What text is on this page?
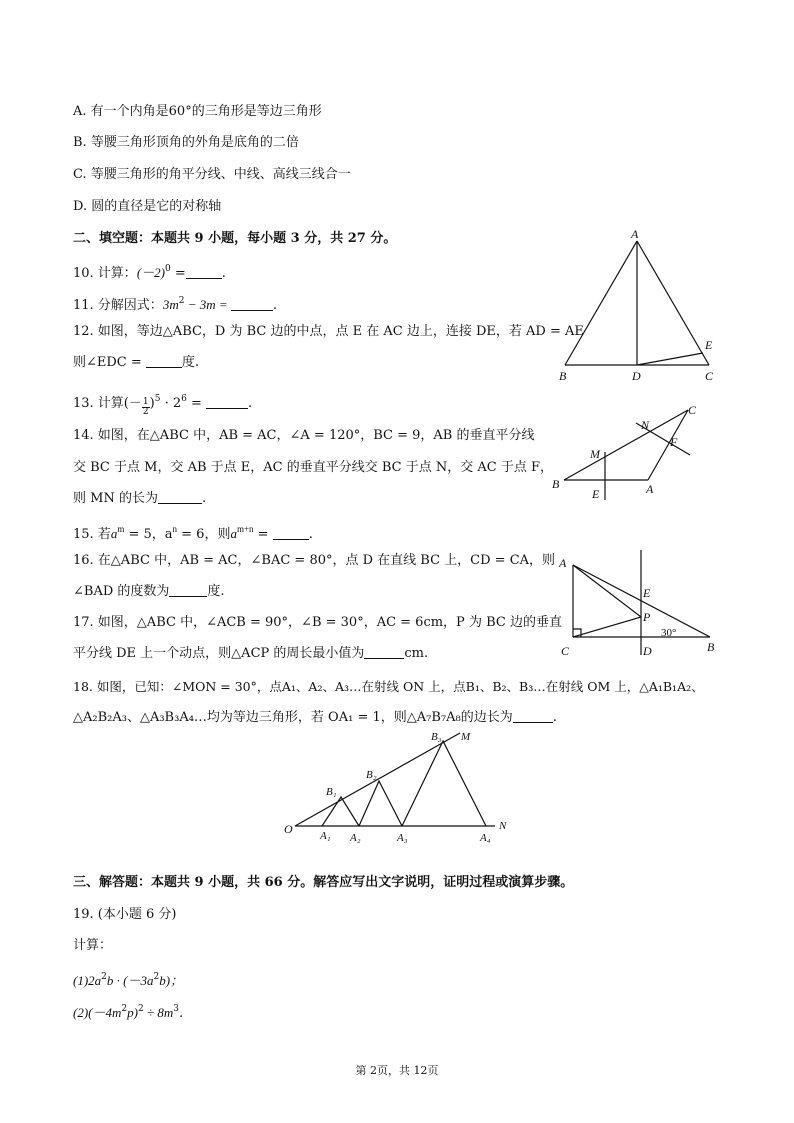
A. 有一个内角是60°的三角形是等边三角形
B. 等腰三角形顶角的外角是底角的二倍
C. 等腰三角形的角平分线、中线、高线三线合一
D. 圆的直径是它的对称轴
二、填空题：本题共 9 小题，每小题 3 分，共 27 分。
10. 计算：$(-2)^0$ =	.
11. 分解因式：$3m^2 - 3m$ =	.
12. 如图，等边△ABC，D 为 BC 边的中点，点 E 在 AC 边上，连接 DE，若 AD = AE
则∠EDC =	度.
13. 计算(－ $\frac{1}{2} )^5 \cdot 2^6$ =	.
14. 如图，在△ABC 中，AB = AC，∠A = 120°，BC = 9，AB 的垂直平分线
交 BC 于点 M，交 AB 于点 E，AC 的垂直平分线交 BC 于点 N，交 AC 于点 F，
则 MN 的长为	.
15. 若$a^m = 5$，$a^n = 6$，则$a^{m+n}$ =	.
16. 在△ABC 中，AB = AC，∠BAC = 80°，点 D 在直线 BC 上，CD = CA，则
∠BAD 的度数为	度.
17. 如图，△ABC 中，∠ACB = 90°，∠B = 30°，AC = 6cm，P 为 BC 边的垂直
平分线 DE 上一个动点，则△ACP 的周长最小值为	cm.
18. 如图，已知：∠MON = 30°，点A₁、A₂、A₃…在射线 ON 上，点B₁、B₂、B₃…在射线 OM 上，△A₁B₁A₂、
△A₂B₂A₃、△A₃B₃A₄…均为等边三角形，若 OA₁ = 1，则△A₇B₇A₈的边长为	.
三、解答题：本题共 9 小题，共 66 分。解答应写出文字说明，证明过程或演算步骤。
19. (本小题 6 分)
计算：
$(1)2a^2b \cdot (-3a^2b)$；
$(2)(-4m^2p)^2 \div 8m^3$.
A
B	D	C
E
B
E	A
M
N
F
C
A
C	D	B
E
P
30°
O A₁ A₂	A₃	A₄
B₁
B₂
B₃ M
N
第 2页，共 12页
